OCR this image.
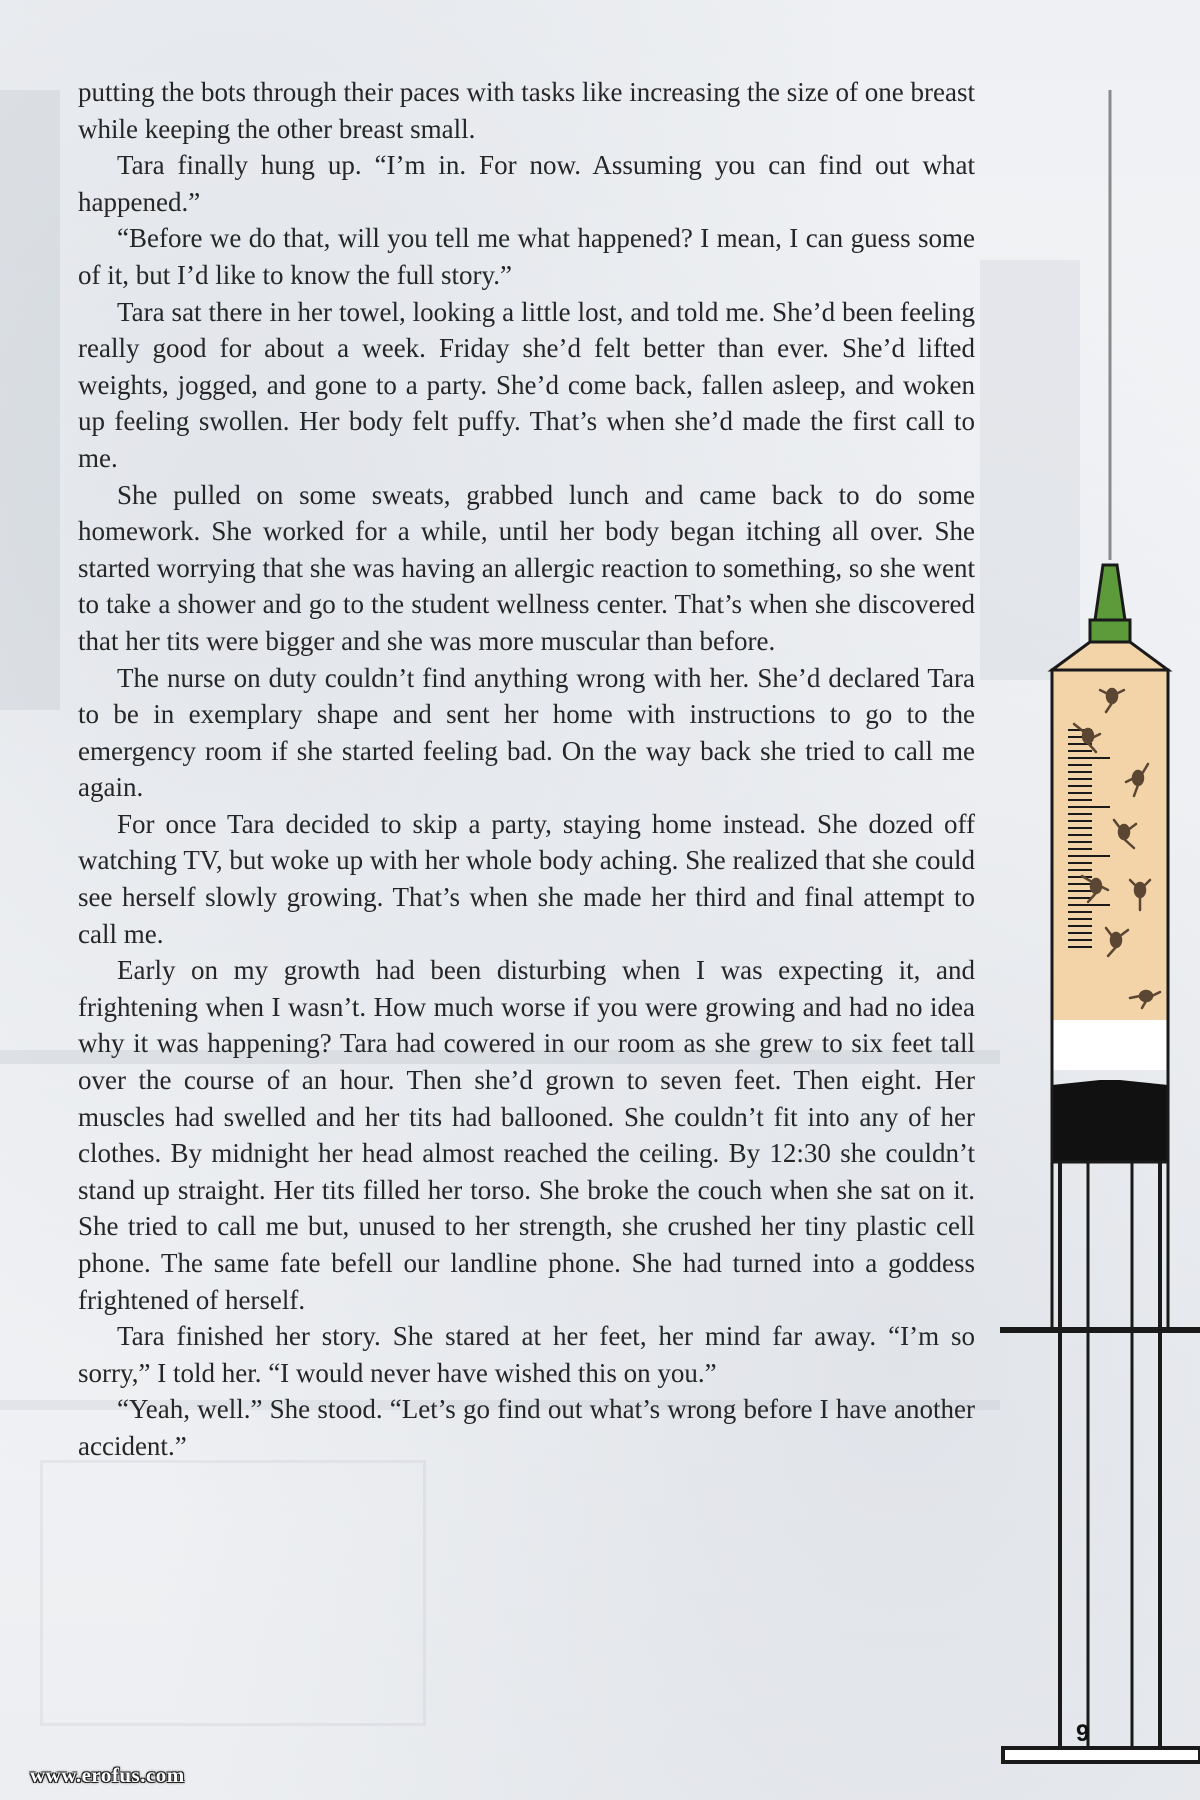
putting the bots through their paces with tasks like increasing the size of one breast while keeping the other breast small.

Tara finally hung up. “I’m in. For now. Assuming you can find out what happened.”

“Before we do that, will you tell me what happened? I mean, I can guess some of it, but I’d like to know the full story.”

Tara sat there in her towel, looking a little lost, and told me. She’d been feeling really good for about a week. Friday she’d felt better than ever. She’d lifted weights, jogged, and gone to a party. She’d come back, fallen asleep, and woken up feeling swollen. Her body felt puffy. That’s when she’d made the first call to me.

She pulled on some sweats, grabbed lunch and came back to do some homework. She worked for a while, until her body began itching all over. She started worrying that she was having an allergic reaction to something, so she went to take a shower and go to the student wellness center. That’s when she discovered that her tits were bigger and she was more muscular than before.

The nurse on duty couldn’t find anything wrong with her. She’d declared Tara to be in exemplary shape and sent her home with instructions to go to the emergency room if she started feeling bad. On the way back she tried to call me again.

For once Tara decided to skip a party, staying home instead. She dozed off watching TV, but woke up with her whole body aching. She realized that she could see herself slowly growing. That’s when she made her third and final attempt to call me.

Early on my growth had been disturbing when I was expecting it, and frightening when I wasn’t. How much worse if you were growing and had no idea why it was happening? Tara had cowered in our room as she grew to six feet tall over the course of an hour. Then she’d grown to seven feet. Then eight. Her muscles had swelled and her tits had ballooned. She couldn’t fit into any of her clothes. By midnight her head almost reached the ceiling. By 12:30 she couldn’t stand up straight. Her tits filled her torso. She broke the couch when she sat on it. She tried to call me but, unused to her strength, she crushed her tiny plastic cell phone. The same fate befell our landline phone. She had turned into a goddess frightened of herself.

Tara finished her story. She stared at her feet, her mind far away. “I’m so sorry,” I told her. “I would never have wished this on you.”

“Yeah, well.” She stood. “Let’s go find out what’s wrong before I have another accident.”

9
www.erofus.com
